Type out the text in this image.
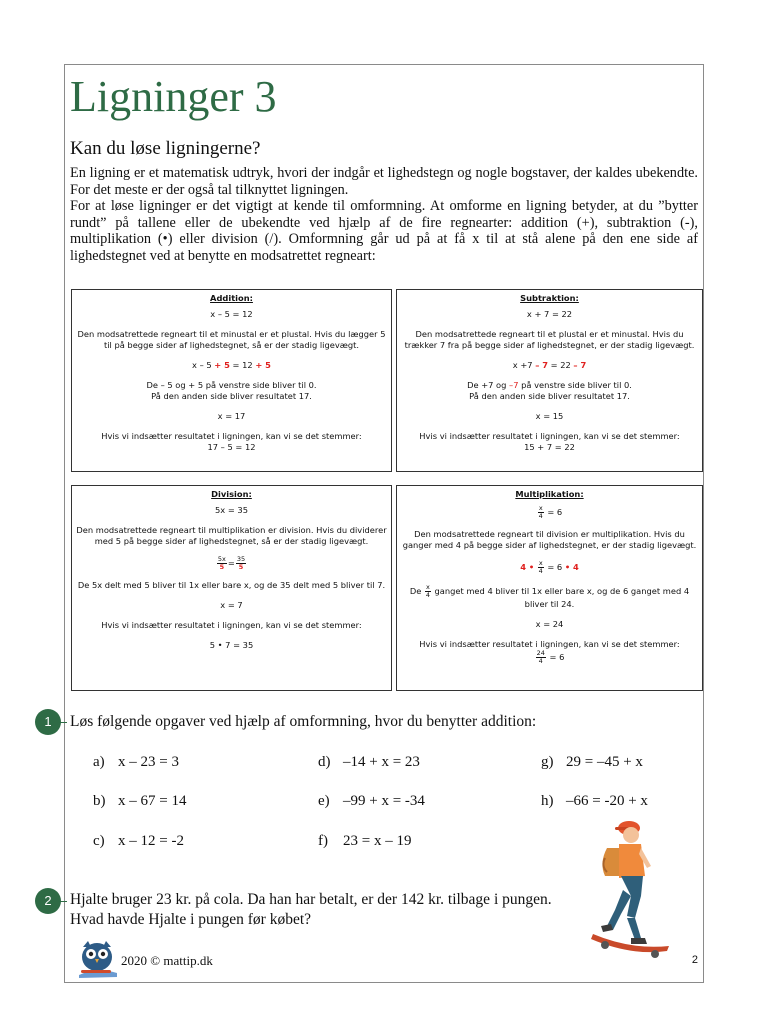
Ligninger 3
Kan du løse ligningerne?

En ligning er et matematisk udtryk, hvori der indgår et lighedstegn og nogle bogstaver, der kaldes ubekendte. For det meste er der også tal tilknyttet ligningen.

For at løse ligninger er det vigtigt at kende til omformning. At omforme en ligning betyder, at du ”bytter rundt” på tallene eller de ubekendte ved hjælp af de fire regnearter: addition (+), subtraktion (-), multiplikation (•) eller division (/). Omformning går ud på at få x til at stå alene på den ene side af lighedstegnet ved at benytte en modsatrettet regneart:

Addition:
x – 5 = 12
Den modsatrettede regneart til et minustal er et plustal. Hvis du lægger 5 til på begge sider af lighedstegnet, så er der stadig ligevægt.
x – 5 + 5 = 12 + 5
De – 5 og + 5 på venstre side bliver til 0.
På den anden side bliver resultatet 17.
x = 17
Hvis vi indsætter resultatet i ligningen, kan vi se det stemmer:
17 – 5 = 12
Subtraktion:
x + 7 = 22
Den modsatrettede regneart til et plustal er et minustal. Hvis du trækker 7 fra på begge sider af lighedstegnet, er der stadig ligevægt.
x +7 – 7 = 22 – 7
De +7 og –7 på venstre side bliver til 0.
På den anden side bliver resultatet 17.
x = 15
Hvis vi indsætter resultatet i ligningen, kan vi se det stemmer:
15 + 7 = 22
Division:
5x = 35
Den modsatrettede regneart til multiplikation er division. Hvis du dividerer med 5 på begge sider af lighedstegnet, så er der stadig ligevægt.
$\frac{5x}{5} = \frac{35}{5}$
De 5x delt med 5 bliver til 1x eller bare x, og de 35 delt med 5 bliver til 7.
x = 7
Hvis vi indsætter resultatet i ligningen, kan vi se det stemmer:
5 • 7 = 35
Multiplikation:
$\frac{x}{4} = 6$
Den modsatrettede regneart til division er multiplikation. Hvis du ganger med 4 på begge sider af lighedstegnet, er der stadig ligevægt.
4 • $\frac{x}{4} = 6$ • 4
De $\frac{x}{4}$ ganget med 4 bliver til 1x eller bare x, og de 6 ganget med 4 bliver til 24.
x = 24
Hvis vi indsætter resultatet i ligningen, kan vi se det stemmer:
$\frac{24}{4} = 6$
Løs følgende opgaver ved hjælp af omformning, hvor du benytter addition:
a) x – 23 = 3
b) x – 67 = 14
c) x – 12 = -2
d) –14 + x = 23
e) –99 + x = -34
f) 23 = x – 19
g) 29 = –45 + x
h) –66 = -20 + x
Hjalte bruger 23 kr. på cola. Da han har betalt, er der 142 kr. tilbage i pungen.
Hvad havde Hjalte i pungen før købet?
2020 © mattip.dk	2
1
2
